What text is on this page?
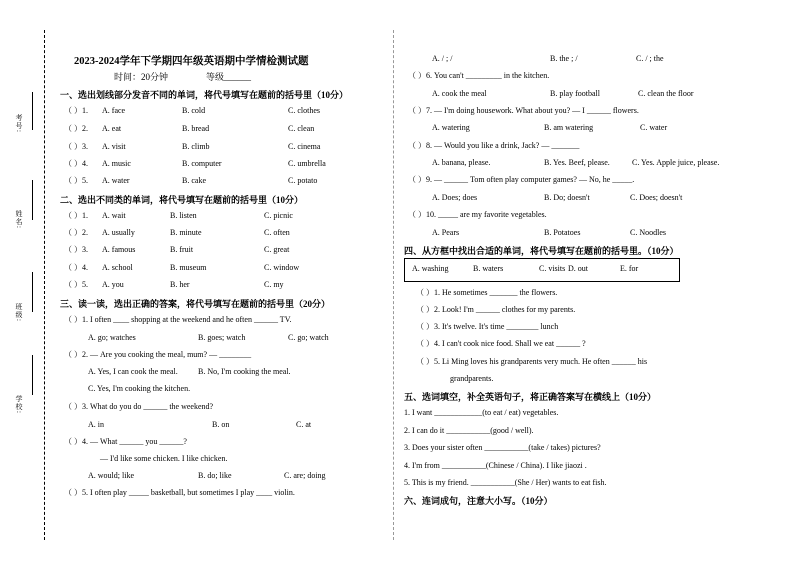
考号:
姓名:
班级:
学校:
2023-2024学年下学期四年级英语期中学情检测试题
时间：20分钟	等级______
一、选出划线部分发音不同的单词，将代号填写在题前的括号里（10分）
（ ）1. A. face	B. cold	C. clothes
（ ）2. A. eat	B. bread	C. clean
（ ）3. A. visit	B. climb	C. cinema
（ ）4. A. music	B. computer	C. umbrella
（ ）5. A. water	B. cake	C. potato
二、选出不同类的单词，将代号填写在题前的括号里（10分）
（ ）1. A. wait	B. listen	C. picnic
（ ）2. A. usually	B. minute	C. often
（ ）3. A. famous	B. fruit	C. great
（ ）4. A. school	B. museum	C. window
（ ）5. A. you	B. her	C. my
三、读一读，选出正确的答案，将代号填写在题前的括号里（20分）
（ ）1. I often ____ shopping at the weekend and he often ______ TV.
A. go; watches	B. goes; watch	C. go; watch
（ ）2. — Are you cooking the meal, mum? — ________
A. Yes, I can cook the meal.	B. No, I'm cooking the meal.
C. Yes, I'm cooking the kitchen.
（ ）3. What do you do ______ the weekend?
A. in	B. on	C. at
（ ）4. — What ______ you ______?
— I'd like some chicken. I like chicken.
A. would; like	B. do; like	C. are; doing
（ ）5. I often play _____ basketball, but sometimes I play ____ violin.
A. / ; /	B. the ; /	C. / ; the
（ ）6. You can't _________ in the kitchen.
A. cook the meal	B. play football	C. clean the floor
（ ）7. — I'm doing housework. What about you? — I ______ flowers.
A. watering	B. am watering	C. water
（ ）8. — Would you like a drink, Jack? — _______
A. banana, please.	B. Yes. Beef, please.	C. Yes. Apple juice, please.
（ ）9. — ______ Tom often play computer games? — No, he _____.
A. Does; does	B. Do; doesn't	C. Does; doesn't
（ ）10. _____ are my favorite vegetables.
A. Pears	B. Potatoes	C. Noodles
四、从方框中找出合适的单词，将代号填写在题前的括号里。（10分）
A. washing	B. waters	C. visits D. out	E. for
（ ）1. He sometimes _______ the flowers.
（ ）2. Look! I'm ______ clothes for my parents.
（ ）3. It's twelve. It's time ________ lunch
（ ）4. I can't cook nice food. Shall we eat ______ ?
（ ）5. Li Ming loves his grandparents very much. He often ______ his
grandparents.
五、选词填空，补全英语句子，将正确答案写在横线上（10分）
1. I want ____________(to eat / eat) vegetables.
2. I can do it ___________(good / well).
3. Does your sister often ___________(take / takes) pictures?
4. I'm from ___________(Chinese / China). I like jiaozi .
5. This is my friend. ___________(She / Her) wants to eat fish.
六、连词成句，注意大小写。（10分）
